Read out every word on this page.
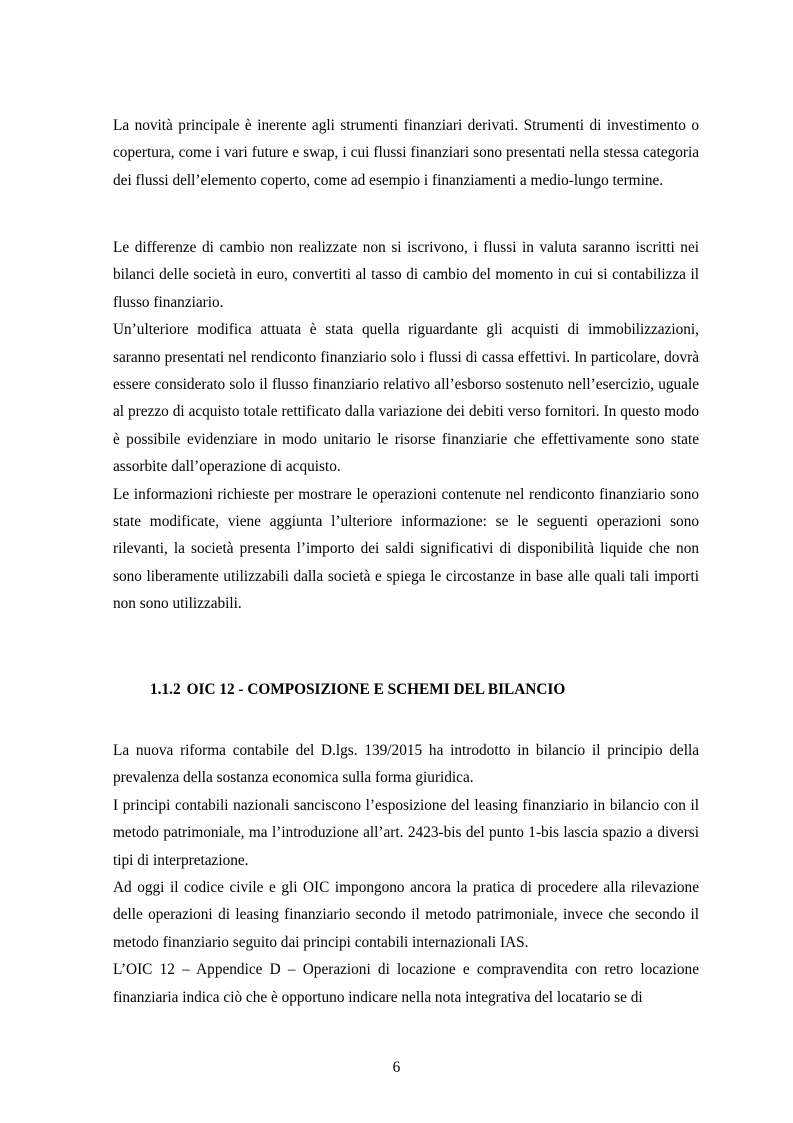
La novità principale è inerente agli strumenti finanziari derivati. Strumenti di investimento o copertura, come i vari future e swap, i cui flussi finanziari sono presentati nella stessa categoria dei flussi dell’elemento coperto, come ad esempio i finanziamenti a medio-lungo termine.

Le differenze di cambio non realizzate non si iscrivono, i flussi in valuta saranno iscritti nei bilanci delle società in euro, convertiti al tasso di cambio del momento in cui si contabilizza il flusso finanziario.

Un’ulteriore modifica attuata è stata quella riguardante gli acquisti di immobilizzazioni, saranno presentati nel rendiconto finanziario solo i flussi di cassa effettivi. In particolare, dovrà essere considerato solo il flusso finanziario relativo all’esborso sostenuto nell’esercizio, uguale al prezzo di acquisto totale rettificato dalla variazione dei debiti verso fornitori. In questo modo è possibile evidenziare in modo unitario le risorse finanziarie che effettivamente sono state assorbite dall’operazione di acquisto.

Le informazioni richieste per mostrare le operazioni contenute nel rendiconto finanziario sono state modificate, viene aggiunta l’ulteriore informazione: se le seguenti operazioni sono rilevanti, la società presenta l’importo dei saldi significativi di disponibilità liquide che non sono liberamente utilizzabili dalla società e spiega le circostanze in base alle quali tali importi non sono utilizzabili.

1.1.2 OIC 12 - COMPOSIZIONE E SCHEMI DEL BILANCIO

La nuova riforma contabile del D.lgs. 139/2015 ha introdotto in bilancio il principio della prevalenza della sostanza economica sulla forma giuridica.

I principi contabili nazionali sanciscono l’esposizione del leasing finanziario in bilancio con il metodo patrimoniale, ma l’introduzione all’art. 2423-bis del punto 1-bis lascia spazio a diversi tipi di interpretazione.

Ad oggi il codice civile e gli OIC impongono ancora la pratica di procedere alla rilevazione delle operazioni di leasing finanziario secondo il metodo patrimoniale, invece che secondo il metodo finanziario seguito dai principi contabili internazionali IAS.

L’OIC 12 – Appendice D – Operazioni di locazione e compravendita con retro locazione finanziaria indica ciò che è opportuno indicare nella nota integrativa del locatario se di

6
